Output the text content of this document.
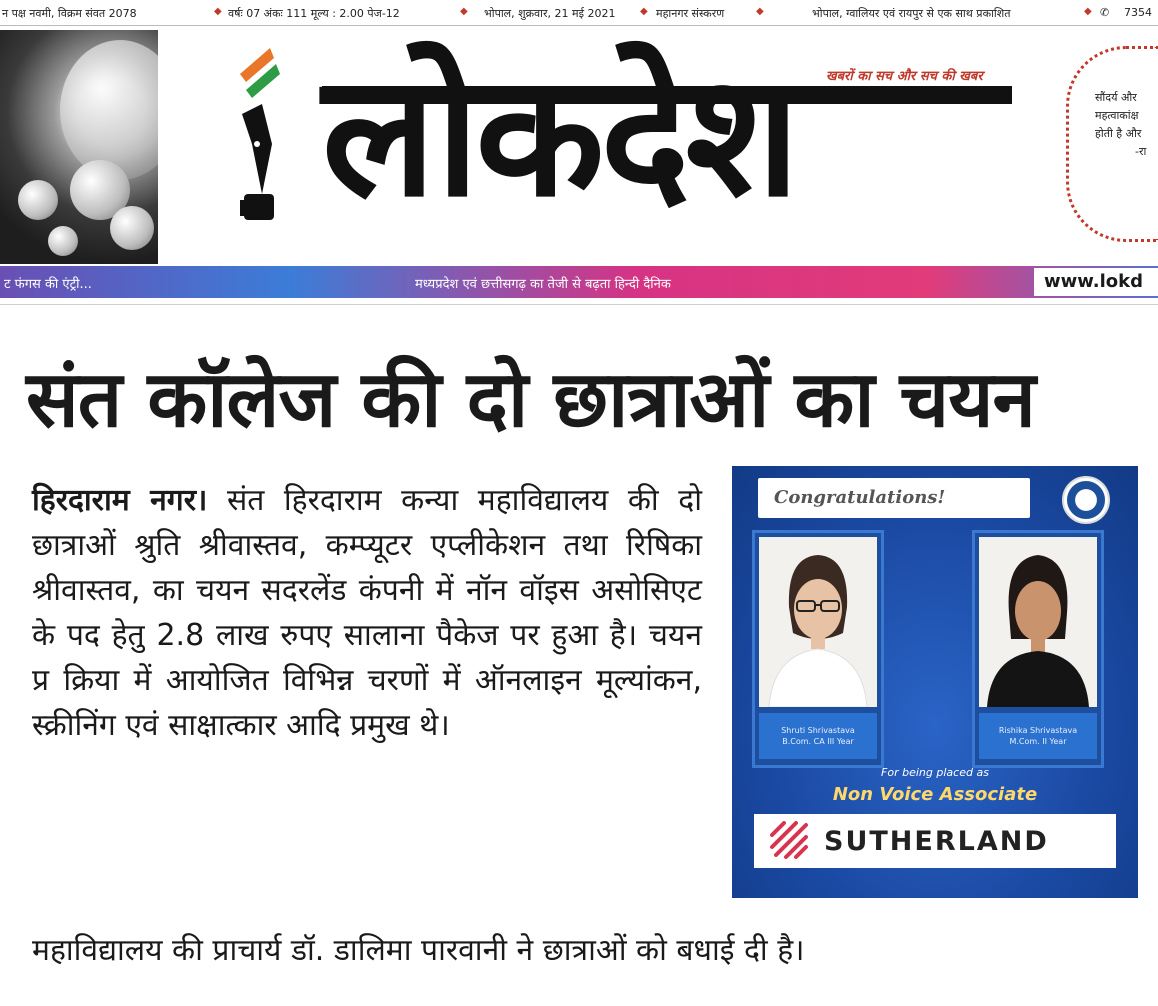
न पक्ष नवमी, विक्रम संवत 2078	◆ वर्षः 07 अंकः 111 मूल्य : 2.00 पेज-12	◆ भोपाल, शुक्रवार, 21 मई 2021 ◆ महानगर संस्करण	◆	भोपाल, ग्वालियर एवं रायपुर से एक साथ प्रकाशित	◆ ✆ 7354
लोकदेश	खबरों का सच और सच की खबर
सौंदर्य और
महत्वाकांक्ष
होती है और
-रा
ट फंगस की एंट्री...	मध्यप्रदेश एवं छत्तीसगढ़ का तेजी से बढ़ता हिन्दी दैनिक	www.lokd
संत कॉलेज की दो छात्राओं का चयन
हिरदाराम नगर। संत हिरदाराम कन्या महाविद्यालय की दो छात्राओं श्रुति श्रीवास्तव, कम्प्यूटर एप्लीकेशन तथा रिषिका श्रीवास्तव, का चयन सदरलेंड कंपनी में नॉन वॉइस असोसिएट के पद हेतु 2.8 लाख रुपए सालाना पैकेज पर हुआ है। चयन प्र क्रिया में आयोजित विभिन्न चरणों में ऑनलाइन मूल्यांकन, स्क्रीनिंग एवं साक्षात्कार आदि प्रमुख थे।
महाविद्यालय की प्राचार्य डॉ. डालिमा पारवानी ने छात्राओं को बधाई दी है।
Congratulations!
Shruti Shrivastava
B.Com. CA III Year
Rishika Shrivastava
M.Com. II Year
For being placed as
Non Voice Associate
SUTHERLAND
